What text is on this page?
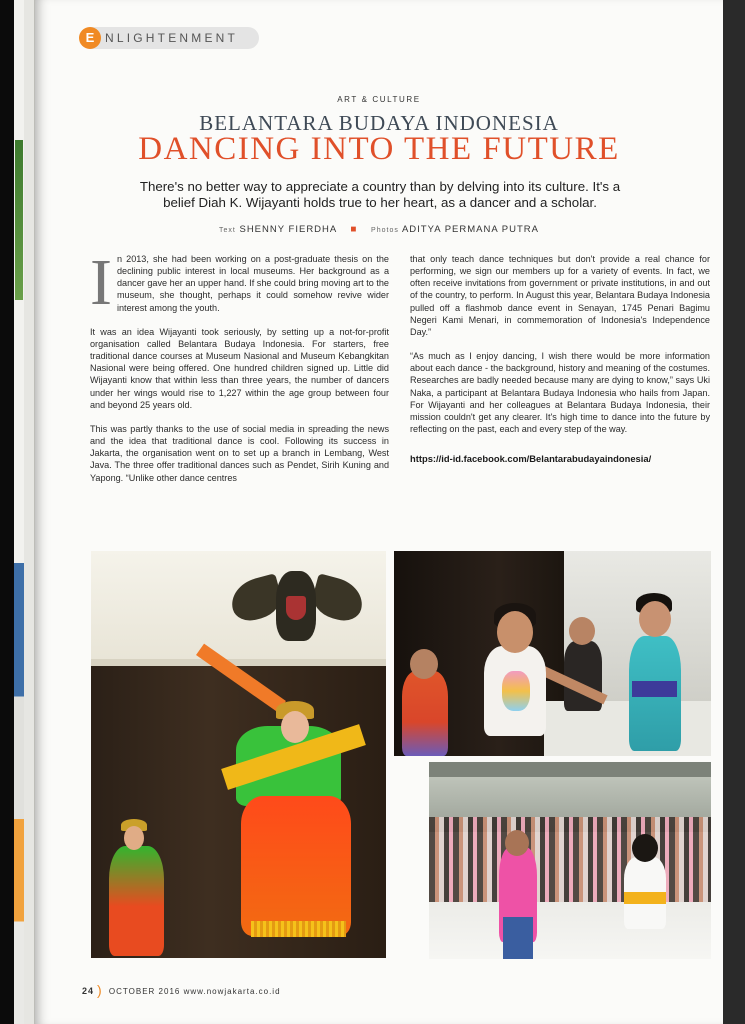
E NLIGHTENMENT
ART & CULTURE
BELANTARA BUDAYA INDONESIA
DANCING INTO THE FUTURE
There's no better way to appreciate a country than by delving into its culture. It's a belief Diah K. Wijayanti holds true to her heart, as a dancer and a scholar.
Text SHENNY FIERDHA ■ Photos ADITYA PERMANA PUTRA

In 2013, she had been working on a post-graduate thesis on the declining public interest in local museums. Her background as a dancer gave her an upper hand. If she could bring moving art to the museum, she thought, perhaps it could somehow revive wider interest among the youth.

It was an idea Wijayanti took seriously, by setting up a not-for-profit organisation called Belantara Budaya Indonesia. For starters, free traditional dance courses at Museum Nasional and Museum Kebangkitan Nasional were being offered. One hundred children signed up. Little did Wijayanti know that within less than three years, the number of dancers under her wings would rise to 1,227 within the age group between four and beyond 25 years old.

This was partly thanks to the use of social media in spreading the news and the idea that traditional dance is cool. Following its success in Jakarta, the organisation went on to set up a branch in Lembang, West Java. The three offer traditional dances such as Pendet, Sirih Kuning and Yapong. “Unlike other dance centres

that only teach dance techniques but don't provide a real chance for performing, we sign our members up for a variety of events. In fact, we often receive invitations from government or private institutions, in and out of the country, to perform. In August this year, Belantara Budaya Indonesia pulled off a flashmob dance event in Senayan, 1745 Penari Bagimu Negeri Kami Menari, in commemoration of Indonesia's Independence Day.”

“As much as I enjoy dancing, I wish there would be more information about each dance - the background, history and meaning of the costumes. Researches are badly needed because many are dying to know,” says Uki Naka, a participant at Belantara Budaya Indonesia who hails from Japan. For Wijayanti and her colleagues at Belantara Budaya Indonesia, their mission couldn't get any clearer. It's high time to dance into the future by reflecting on the past, each and every step of the way.

https://id-id.facebook.com/Belantarabudayaindonesia/

24 ) OCTOBER 2016 www.nowjakarta.co.id
